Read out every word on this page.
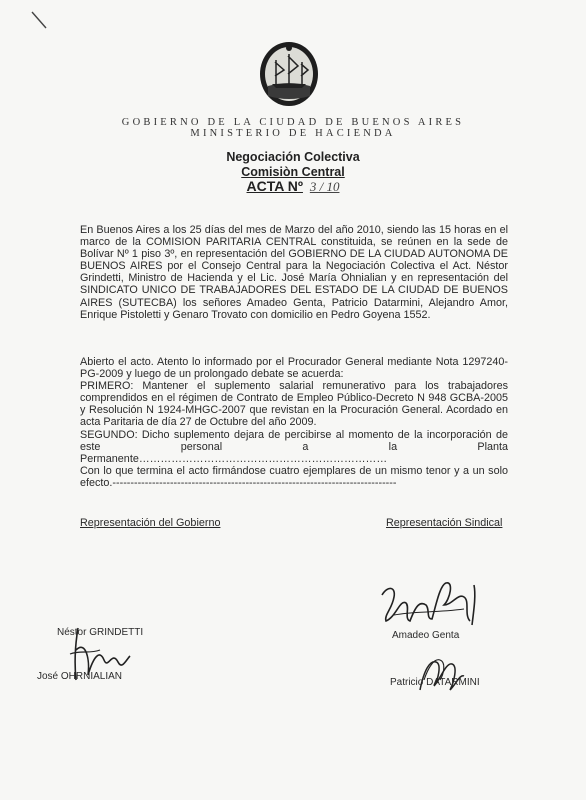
GOBIERNO DE LA CIUDAD DE BUENOS AIRES
MINISTERIO DE HACIENDA
Negociación Colectiva
Comisiòn Central
ACTA Nº 3 / 10

En Buenos Aires a los 25 días del mes de Marzo del año 2010, siendo las 15 horas en el marco de la COMISION PARITARIA CENTRAL constituida, se reúnen en la sede de Bolívar Nº 1 piso 3º, en representación del GOBIERNO DE LA CIUDAD AUTONOMA DE BUENOS AIRES por el Consejo Central para la Negociación Colectiva el Act. Néstor Grindetti, Ministro de Hacienda y el Lic. José María Ohnialian y en representación del SINDICATO UNICO DE TRABAJADORES DEL ESTADO DE LA CIUDAD DE BUENOS AIRES (SUTECBA) los señores Amadeo Genta, Patricio Datarmini, Alejandro Amor, Enrique Pistoletti y Genaro Trovato con domicilio en Pedro Goyena 1552.

Abierto el acto. Atento lo informado por el Procurador General mediante Nota 1297240-PG-2009 y luego de un prolongado debate se acuerda:

PRIMERO: Mantener el suplemento salarial remunerativo para los trabajadores comprendidos en el régimen de Contrato de Empleo Público-Decreto N 948 GCBA-2005 y Resolución N 1924-MHGC-2007 que revistan en la Procuración General. Acordado en acta Paritaria de día 27 de Octubre del año 2009.

SEGUNDO: Dicho suplemento dejara de percibirse al momento de la incorporación de este personal a la Planta Permanente……………………………………………………………

Con lo que termina el acto firmándose cuatro ejemplares de un mismo tenor y a un solo efecto.-------------------------------------------------------------------------------

Representación del Gobierno	Representación Sindical
Néstor GRINDETTI
José OHRNIALIAN
Amadeo Genta
Patricio DATARMINI
